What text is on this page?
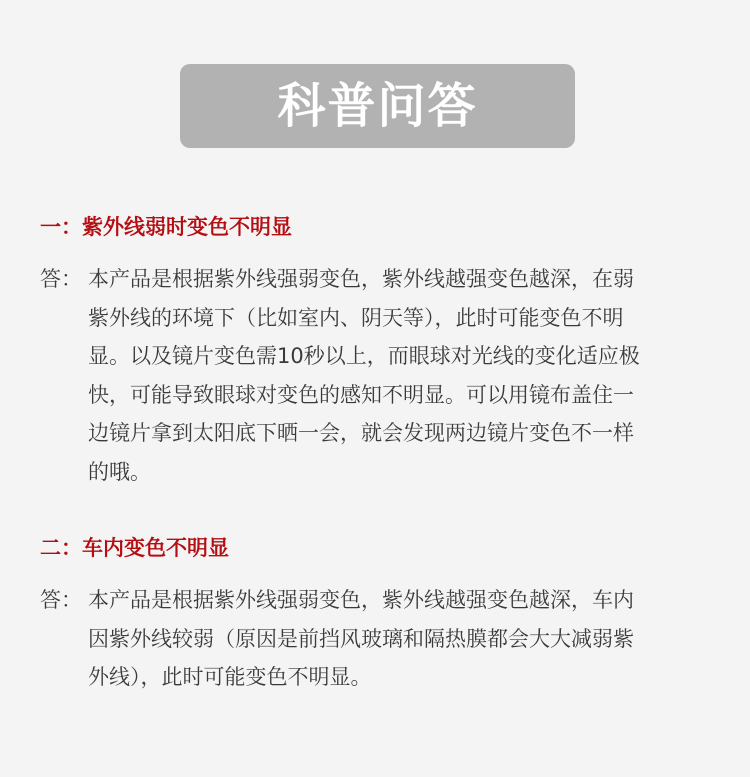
科普问答
一：紫外线弱时变色不明显
答： 本产品是根据紫外线强弱变色，紫外线越强变色越深，在弱
紫外线的环境下（比如室内、阴天等），此时可能变色不明
显。以及镜片变色需10秒以上，而眼球对光线的变化适应极
快，可能导致眼球对变色的感知不明显。可以用镜布盖住一
边镜片拿到太阳底下晒一会，就会发现两边镜片变色不一样
的哦。
二：车内变色不明显
答： 本产品是根据紫外线强弱变色，紫外线越强变色越深，车内
因紫外线较弱（原因是前挡风玻璃和隔热膜都会大大减弱紫
外线），此时可能变色不明显。
